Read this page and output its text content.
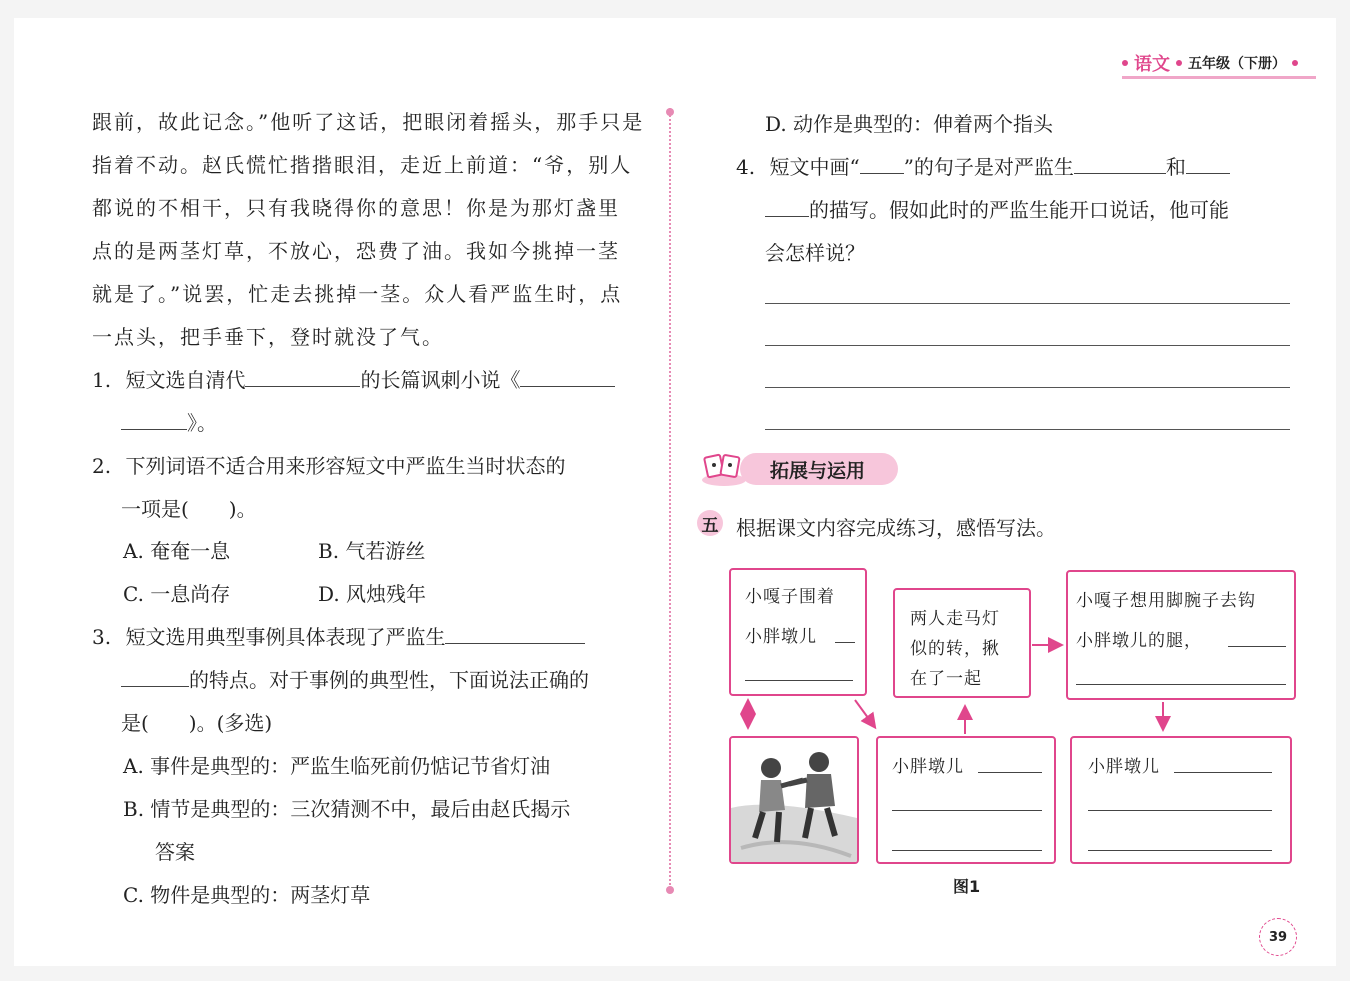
语文 五年级（下册）
跟前，故此记念。”他听了这话，把眼闭着摇头，那手只是
指着不动。赵氏慌忙揩揩眼泪，走近上前道：“爷，别人
都说的不相干，只有我晓得你的意思！你是为那灯盏里
点的是两茎灯草，不放心，恐费了油。我如今挑掉一茎
就是了。”说罢，忙走去挑掉一茎。众人看严监生时，点
一点头，把手垂下，登时就没了气。
1. 短文选自清代	的长篇讽刺小说《
》。
2. 下列词语不适合用来形容短文中严监生当时状态的
一项是(　　)。
A. 奄奄一息	B. 气若游丝
C. 一息尚存	D. 风烛残年
3. 短文选用典型事例具体表现了严监生
的特点。对于事例的典型性，下面说法正确的
是(　　)。(多选)
A. 事件是典型的：严监生临死前仍惦记节省灯油
B. 情节是典型的：三次猜测不中，最后由赵氏揭示
答案
C. 物件是典型的：两茎灯草
D. 动作是典型的：伸着两个指头
4. 短文中画“ ”的句子是对严监生	和
的描写。假如此时的严监生能开口说话，他可能
会怎样说？
拓展与运用
五 根据课文内容完成练习，感悟写法。
小嘎子围着
小胖墩儿
两人走马灯
似的转，揪
在了一起
小嘎子想用脚腕子去钩
小胖墩儿的腿，
小胖墩儿	小胖墩儿
图1
39
